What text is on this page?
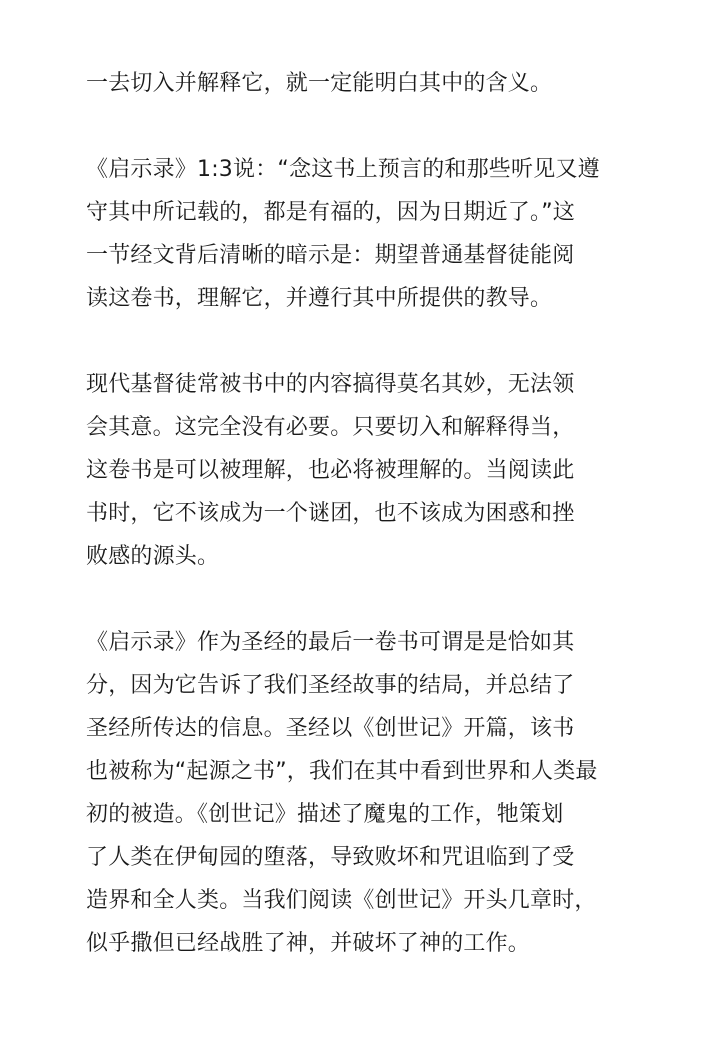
一去切入并解释它，就一定能明白其中的含义。
《启示录》1:3说：“念这书上预言的和那些听见又遵
守其中所记载的，都是有福的，因为日期近了。”这
一节经文背后清晰的暗示是：期望普通基督徒能阅
读这卷书，理解它，并遵行其中所提供的教导。
现代基督徒常被书中的内容搞得莫名其妙，无法领
会其意。这完全没有必要。只要切入和解释得当，
这卷书是可以被理解，也必将被理解的。当阅读此
书时，它不该成为一个谜团，也不该成为困惑和挫
败感的源头。
《启示录》作为圣经的最后一卷书可谓是是恰如其
分，因为它告诉了我们圣经故事的结局，并总结了
圣经所传达的信息。圣经以《创世记》开篇，该书
也被称为“起源之书”，我们在其中看到世界和人类最
初的被造。《创世记》描述了魔鬼的工作，牠策划
了人类在伊甸园的堕落，导致败坏和咒诅临到了受
造界和全人类。当我们阅读《创世记》开头几章时，
似乎撒但已经战胜了神，并破坏了神的工作。
